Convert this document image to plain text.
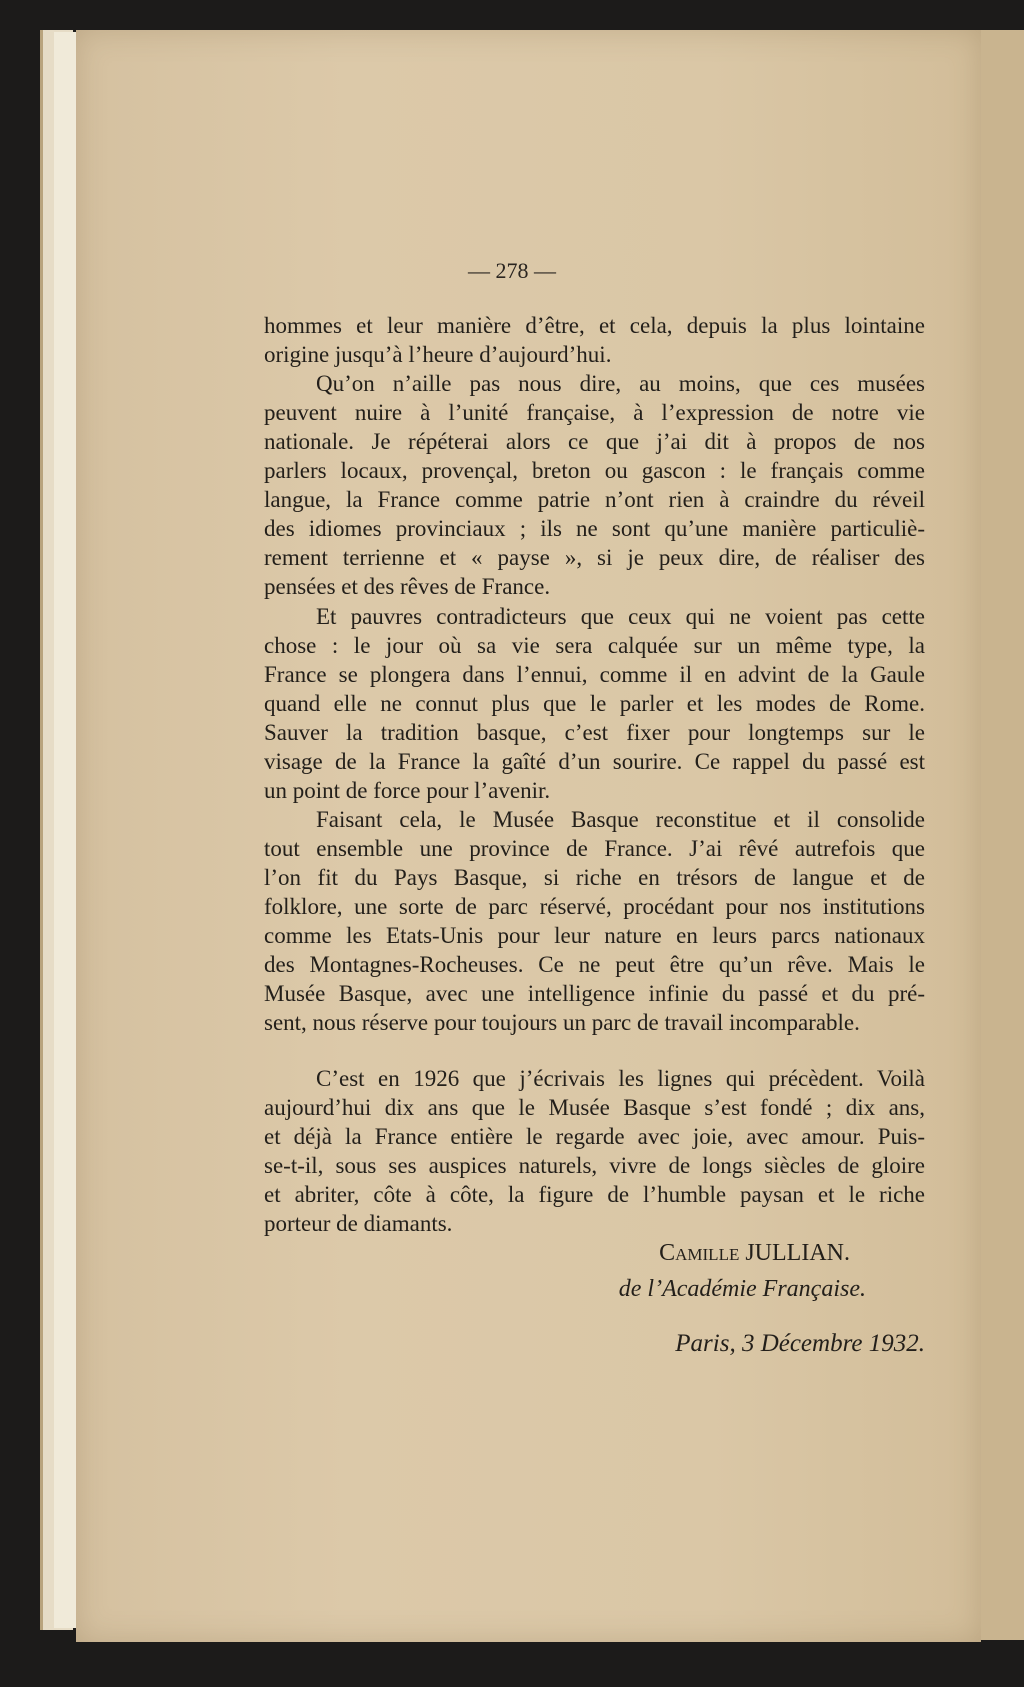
— 278 —
hommes et leur manière d’être, et cela, depuis la plus lointaine
origine jusqu’à l’heure d’aujourd’hui.
Qu’on n’aille pas nous dire, au moins, que ces musées
peuvent nuire à l’unité française, à l’expression de notre vie
nationale. Je répéterai alors ce que j’ai dit à propos de nos
parlers locaux, provençal, breton ou gascon : le français comme
langue, la France comme patrie n’ont rien à craindre du réveil
des idiomes provinciaux ; ils ne sont qu’une manière particuliè-
rement terrienne et « payse », si je peux dire, de réaliser des
pensées et des rêves de France.
Et pauvres contradicteurs que ceux qui ne voient pas cette
chose : le jour où sa vie sera calquée sur un même type, la
France se plongera dans l’ennui, comme il en advint de la Gaule
quand elle ne connut plus que le parler et les modes de Rome.
Sauver la tradition basque, c’est fixer pour longtemps sur le
visage de la France la gaîté d’un sourire. Ce rappel du passé est
un point de force pour l’avenir.
Faisant cela, le Musée Basque reconstitue et il consolide
tout ensemble une province de France. J’ai rêvé autrefois que
l’on fit du Pays Basque, si riche en trésors de langue et de
folklore, une sorte de parc réservé, procédant pour nos institutions
comme les Etats-Unis pour leur nature en leurs parcs nationaux
des Montagnes-Rocheuses. Ce ne peut être qu’un rêve. Mais le
Musée Basque, avec une intelligence infinie du passé et du pré-
sent, nous réserve pour toujours un parc de travail incomparable.
C’est en 1926 que j’écrivais les lignes qui précèdent. Voilà
aujourd’hui dix ans que le Musée Basque s’est fondé ; dix ans,
et déjà la France entière le regarde avec joie, avec amour. Puis-
se-t-il, sous ses auspices naturels, vivre de longs siècles de gloire
et abriter, côte à côte, la figure de l’humble paysan et le riche
porteur de diamants.
Camille JULLIAN.
de l’Académie Française.
Paris, 3 Décembre 1932.
